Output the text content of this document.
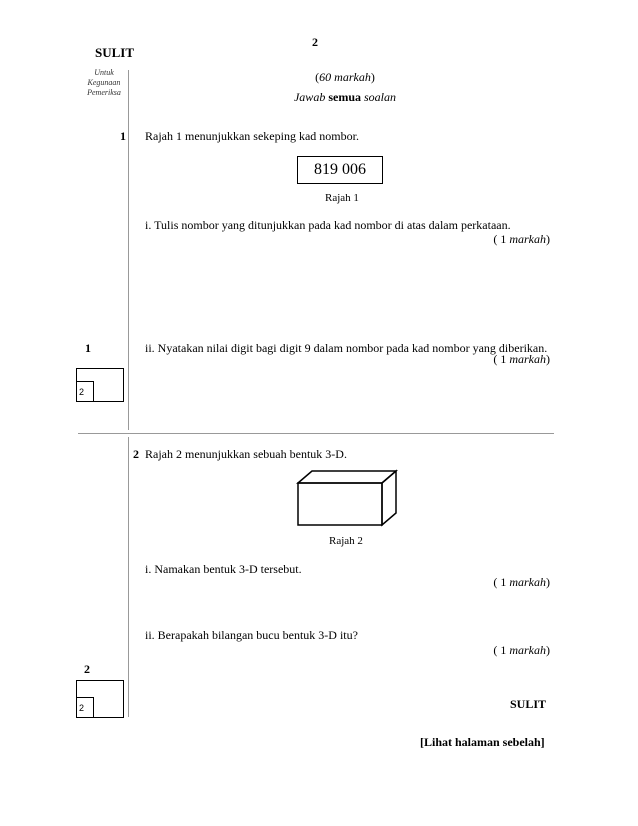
2
SULIT
Untuk
Kegunaan
Pemeriksa
(60 markah)
Jawab semua soalan
1 Rajah 1 menunjukkan sekeping kad nombor.
819 006
Rajah 1
i. Tulis nombor yang ditunjukkan pada kad nombor di atas dalam perkataan.
( 1 markah)
1	ii. Nyatakan nilai digit bagi digit 9 dalam nombor pada kad nombor yang diberikan.
( 1 markah)
2
2 Rajah 2 menunjukkan sebuah bentuk 3-D.
Rajah 2
i. Namakan bentuk 3-D tersebut.
( 1 markah)
ii. Berapakah bilangan bucu bentuk 3-D itu?
( 1 markah)
2
2	SULIT
[Lihat halaman sebelah]
